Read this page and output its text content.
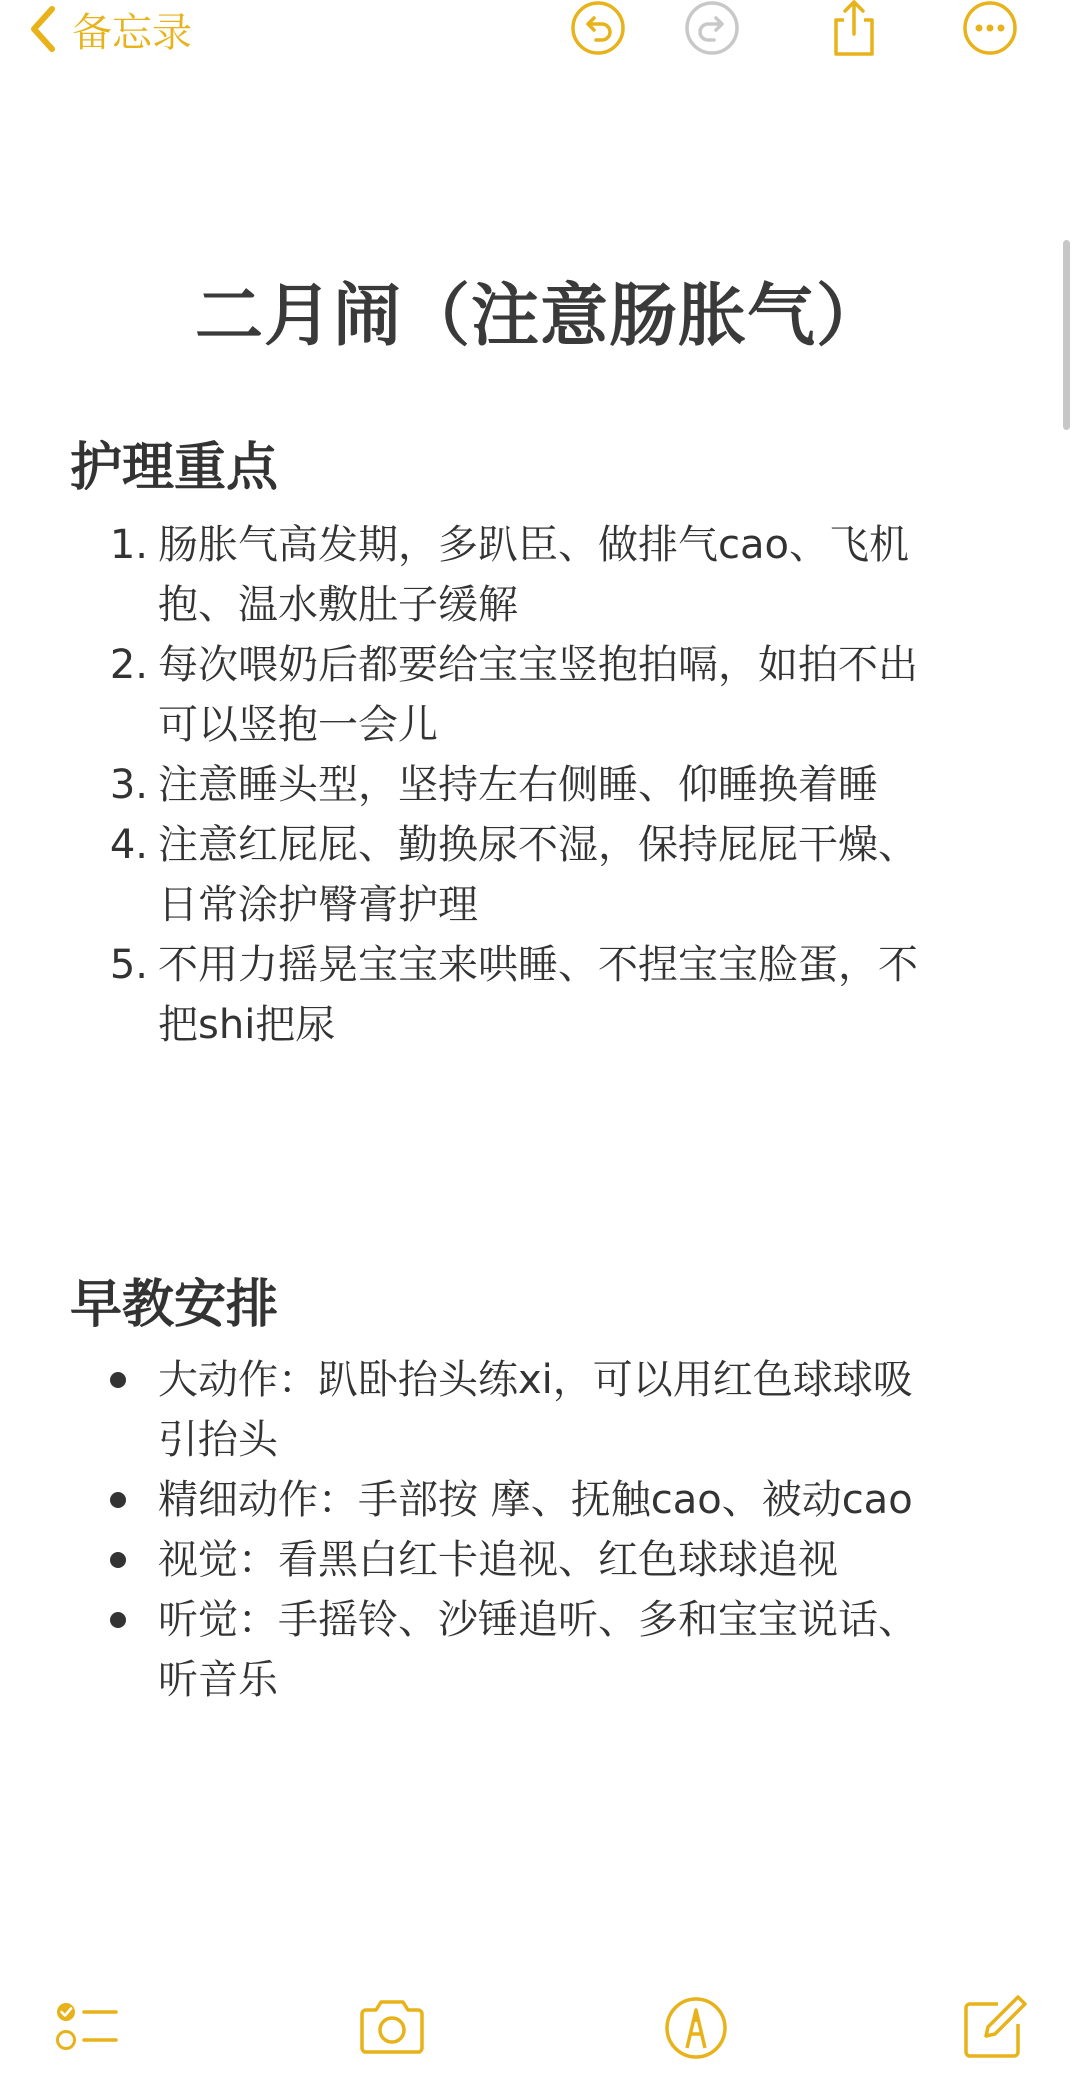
备忘录
二月闹（注意肠胀气）
护理重点
1. 肠胀气高发期，多趴臣、做排气cao、飞机
抱、温水敷肚子缓解
2. 每次喂奶后都要给宝宝竖抱拍嗝，如拍不出
可以竖抱一会儿
3. 注意睡头型，坚持左右侧睡、仰睡换着睡
4. 注意红屁屁、勤换尿不湿，保持屁屁干燥、
日常涂护臀膏护理
5. 不用力摇晃宝宝来哄睡、不捏宝宝脸蛋，不
把shi把尿
早教安排
大动作：趴卧抬头练xi，可以用红色球球吸
引抬头
精细动作：手部按 摩、抚触cao、被动cao
视觉：看黑白红卡追视、红色球球追视
听觉：手摇铃、沙锤追听、多和宝宝说话、
听音乐
